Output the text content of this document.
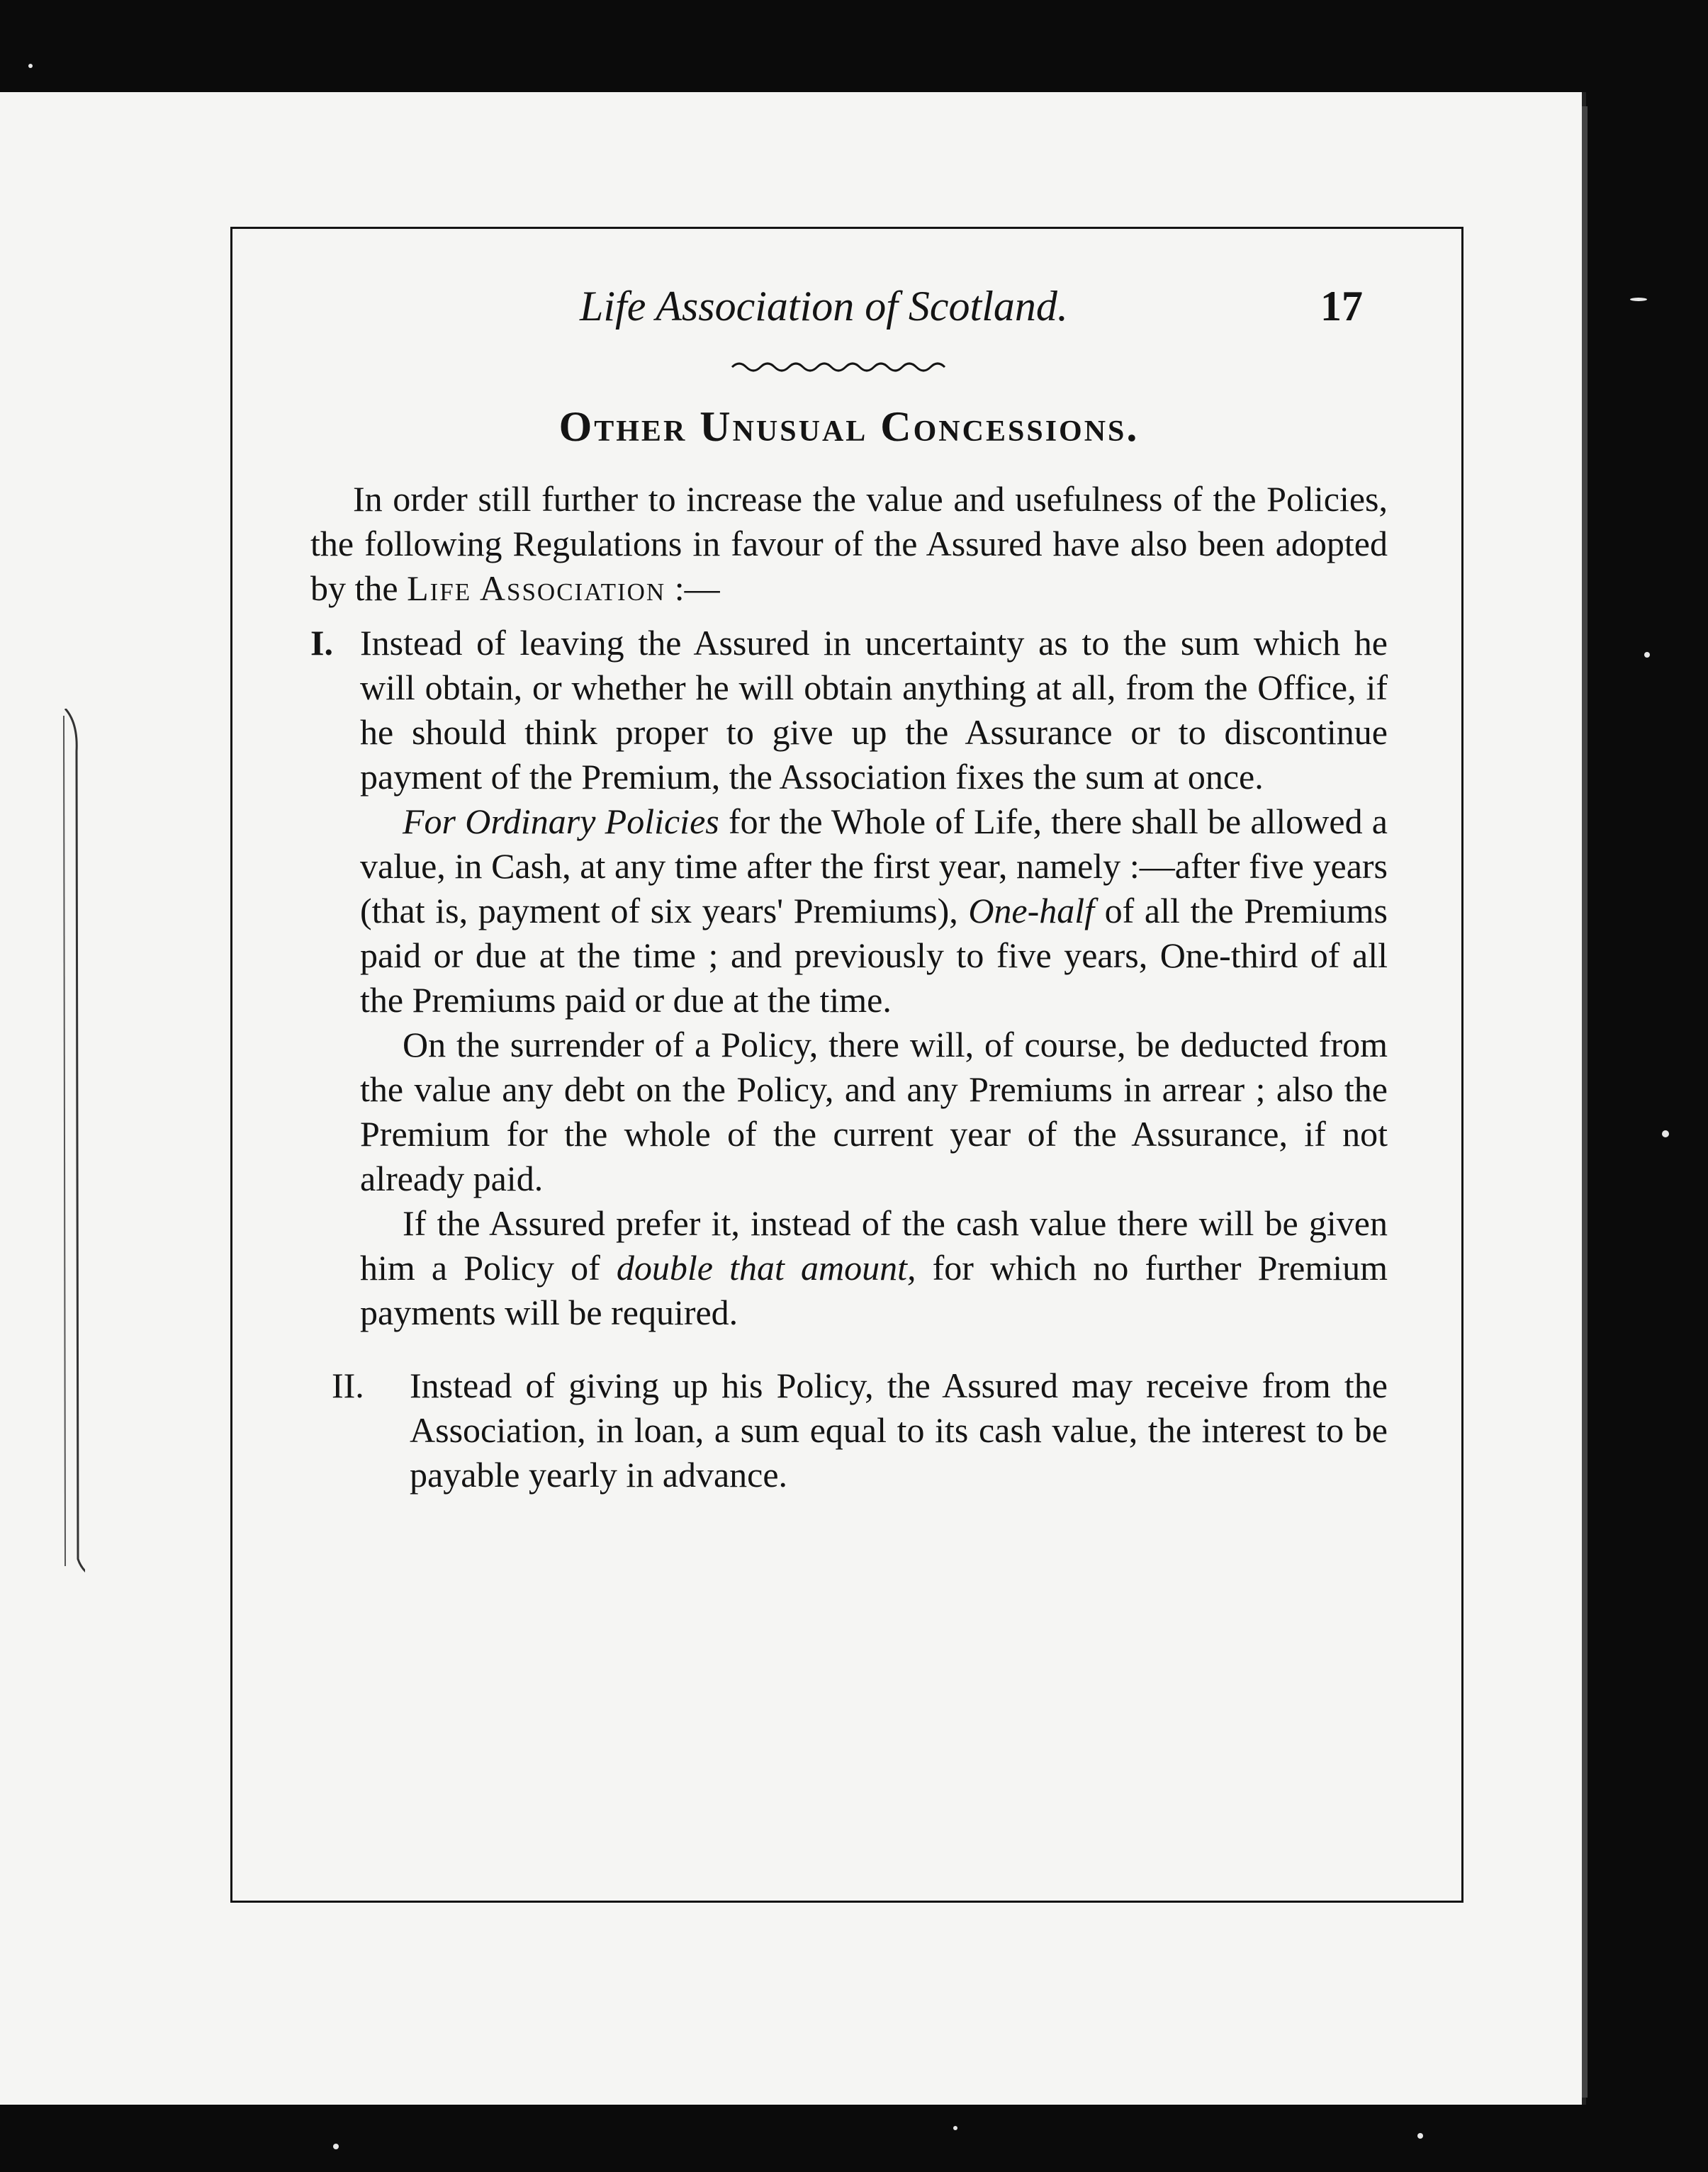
Life Association of Scotland.	17
Other Unusual Concessions.

In order still further to increase the value and usefulness of the Policies, the following Regulations in favour of the Assured have also been adopted by the Life Association :—

I. Instead of leaving the Assured in uncertainty as to the sum which he will obtain, or whether he will obtain anything at all, from the Office, if he should think proper to give up the Assurance or to discontinue payment of the Premium, the Association fixes the sum at once.

For Ordinary Policies for the Whole of Life, there shall be allowed a value, in Cash, at any time after the first year, namely :—after five years (that is, payment of six years' Premiums), One-half of all the Premiums paid or due at the time ; and previously to five years, One-third of all the Premiums paid or due at the time.

On the surrender of a Policy, there will, of course, be deducted from the value any debt on the Policy, and any Premiums in arrear ; also the Premium for the whole of the current year of the Assurance, if not already paid.

If the Assured prefer it, instead of the cash value there will be given him a Policy of double that amount, for which no further Premium payments will be required.

II.	Instead of giving up his Policy, the Assured may receive from the Association, in loan, a sum equal to its cash value, the interest to be payable yearly in advance.
